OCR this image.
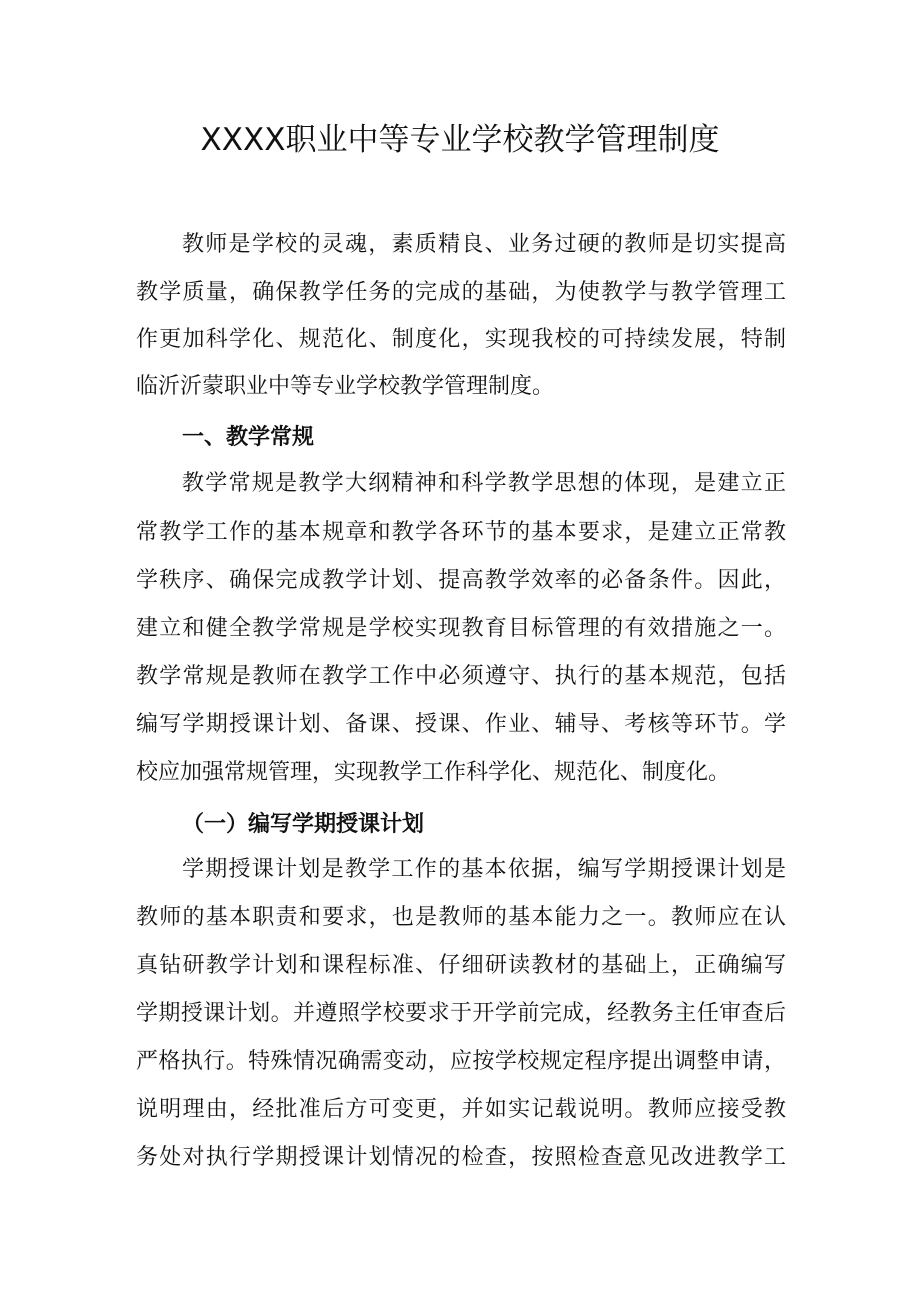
XXXX职业中等专业学校教学管理制度

教师是学校的灵魂，素质精良、业务过硬的教师是切实提高

教学质量，确保教学任务的完成的基础，为使教学与教学管理工

作更加科学化、规范化、制度化，实现我校的可持续发展，特制

临沂沂蒙职业中等专业学校教学管理制度。

一、教学常规

教学常规是教学大纲精神和科学教学思想的体现，是建立正

常教学工作的基本规章和教学各环节的基本要求，是建立正常教

学秩序、确保完成教学计划、提高教学效率的必备条件。因此，

建立和健全教学常规是学校实现教育目标管理的有效措施之一。

教学常规是教师在教学工作中必须遵守、执行的基本规范，包括

编写学期授课计划、备课、授课、作业、辅导、考核等环节。学

校应加强常规管理，实现教学工作科学化、规范化、制度化。

（一）编写学期授课计划

学期授课计划是教学工作的基本依据，编写学期授课计划是

教师的基本职责和要求，也是教师的基本能力之一。教师应在认

真钻研教学计划和课程标准、仔细研读教材的基础上，正确编写

学期授课计划。并遵照学校要求于开学前完成，经教务主任审查后

严格执行。特殊情况确需变动，应按学校规定程序提出调整申请，

说明理由，经批准后方可变更，并如实记载说明。教师应接受教

务处对执行学期授课计划情况的检查，按照检查意见改进教学工
